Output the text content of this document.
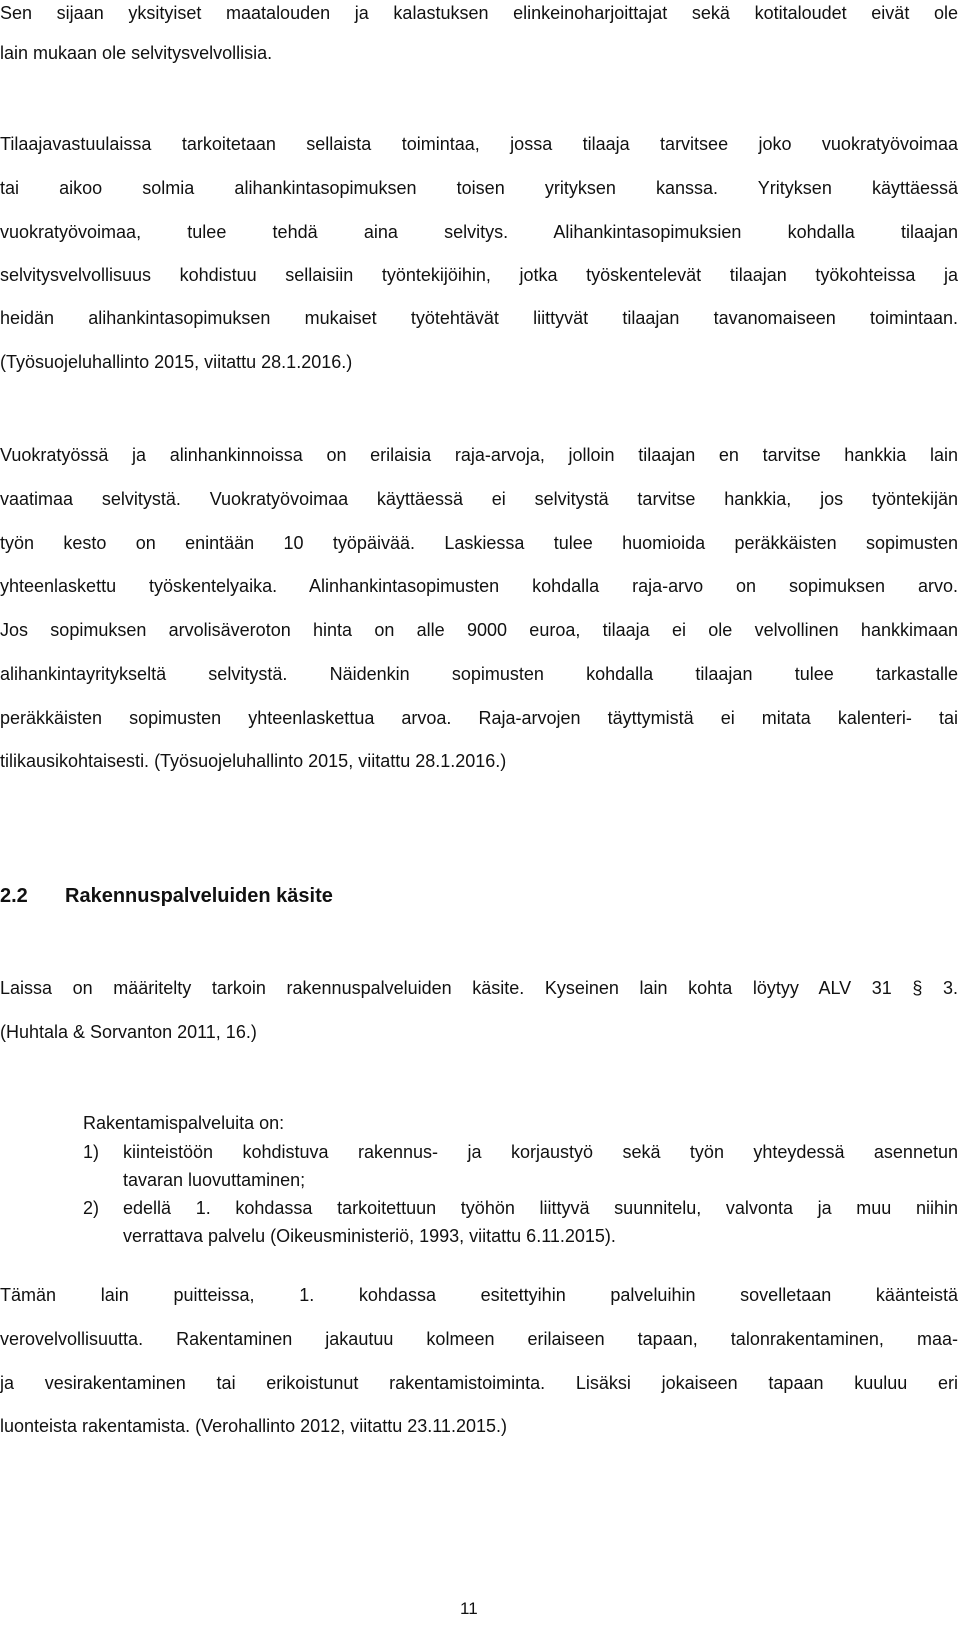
Sen sijaan yksityiset maatalouden ja kalastuksen elinkeinoharjoittajat sekä kotitaloudet eivät ole
lain mukaan ole selvitysvelvollisia.
Tilaajavastuulaissa tarkoitetaan sellaista toimintaa, jossa tilaaja tarvitsee joko vuokratyövoimaa
tai aikoo solmia alihankintasopimuksen toisen yrityksen kanssa. Yrityksen käyttäessä
vuokratyövoimaa, tulee tehdä aina selvitys. Alihankintasopimuksien kohdalla tilaajan
selvitysvelvollisuus kohdistuu sellaisiin työntekijöihin, jotka työskentelevät tilaajan työkohteissa ja
heidän alihankintasopimuksen mukaiset työtehtävät liittyvät tilaajan tavanomaiseen toimintaan.
(Työsuojeluhallinto 2015, viitattu 28.1.2016.)
Vuokratyössä ja alinhankinnoissa on erilaisia raja-arvoja, jolloin tilaajan en tarvitse hankkia lain
vaatimaa selvitystä. Vuokratyövoimaa käyttäessä ei selvitystä tarvitse hankkia, jos työntekijän
työn kesto on enintään 10 työpäivää. Laskiessa tulee huomioida peräkkäisten sopimusten
yhteenlaskettu työskentelyaika. Alinhankintasopimusten kohdalla raja-arvo on sopimuksen arvo.
Jos sopimuksen arvolisäveroton hinta on alle 9000 euroa, tilaaja ei ole velvollinen hankkimaan
alihankintayritykseltä selvitystä. Näidenkin sopimusten kohdalla tilaajan tulee tarkastalle
peräkkäisten sopimusten yhteenlaskettua arvoa. Raja-arvojen täyttymistä ei mitata kalenteri- tai
tilikausikohtaisesti. (Työsuojeluhallinto 2015, viitattu 28.1.2016.)
2.2 Rakennuspalveluiden käsite
Laissa on määritelty tarkoin rakennuspalveluiden käsite. Kyseinen lain kohta löytyy ALV 31 § 3.
(Huhtala & Sorvanton 2011, 16.)
Rakentamispalveluita on:
1) kiinteistöön kohdistuva rakennus- ja korjaustyö sekä työn yhteydessä asennetun
tavaran luovuttaminen;
2) edellä 1. kohdassa tarkoitettuun työhön liittyvä suunnitelu, valvonta ja muu niihin
verrattava palvelu (Oikeusministeriö, 1993, viitattu 6.11.2015).
Tämän lain puitteissa, 1. kohdassa esitettyihin palveluihin sovelletaan käänteistä
verovelvollisuutta. Rakentaminen jakautuu kolmeen erilaiseen tapaan, talonrakentaminen, maa-
ja vesirakentaminen tai erikoistunut rakentamistoiminta. Lisäksi jokaiseen tapaan kuuluu eri
luonteista rakentamista. (Verohallinto 2012, viitattu 23.11.2015.)
11
